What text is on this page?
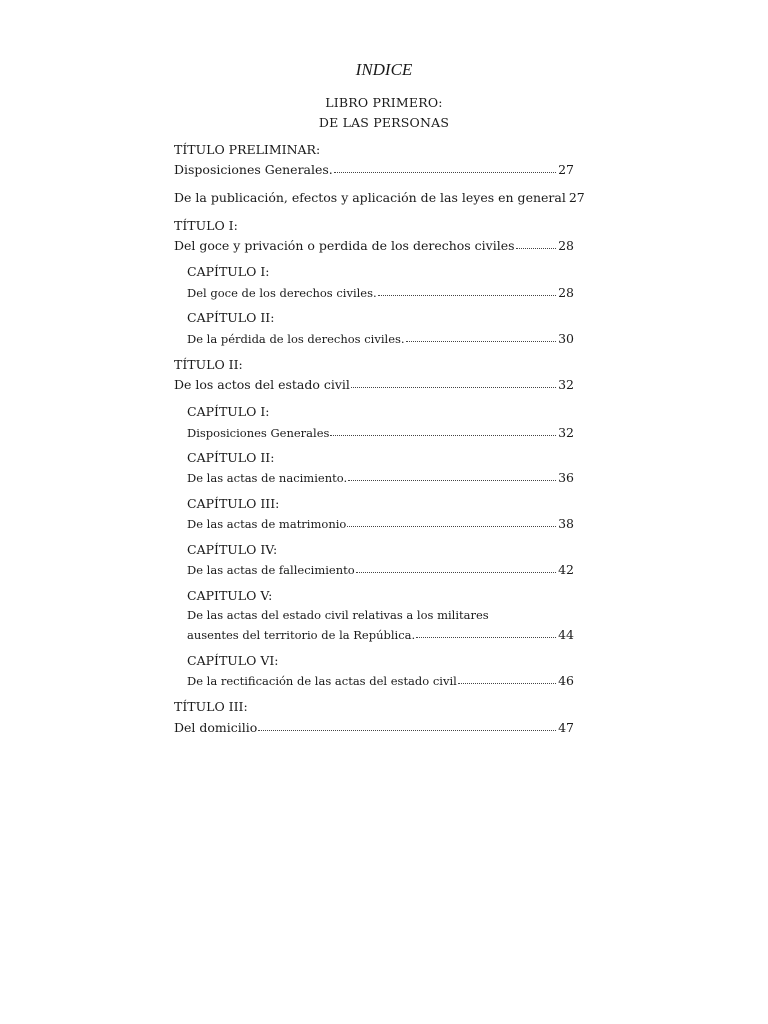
INDICE
LIBRO PRIMERO:
DE LAS PERSONAS
TÍTULO PRELIMINAR:
Disposiciones Generales.	27
De la publicación, efectos y aplicación de las leyes en general 27
TÍTULO I:
Del goce y privación o perdida de los derechos civiles	28
CAPÍTULO I:
Del goce de los derechos civiles.	28
CAPÍTULO II:
De la pérdida de los derechos civiles.	30
TÍTULO II:
De los actos del estado civil	32
CAPÍTULO I:
Disposiciones Generales	32
CAPÍTULO II:
De las actas de nacimiento.	36
CAPÍTULO III:
De las actas de matrimonio	38
CAPÍTULO IV:
De las actas de fallecimiento	42
CAPITULO V:
De las actas del estado civil relativas a los militares
ausentes del territorio de la República.	44
CAPÍTULO VI:
De la rectificación de las actas del estado civil	46
TÍTULO III:
Del domicilio	47
